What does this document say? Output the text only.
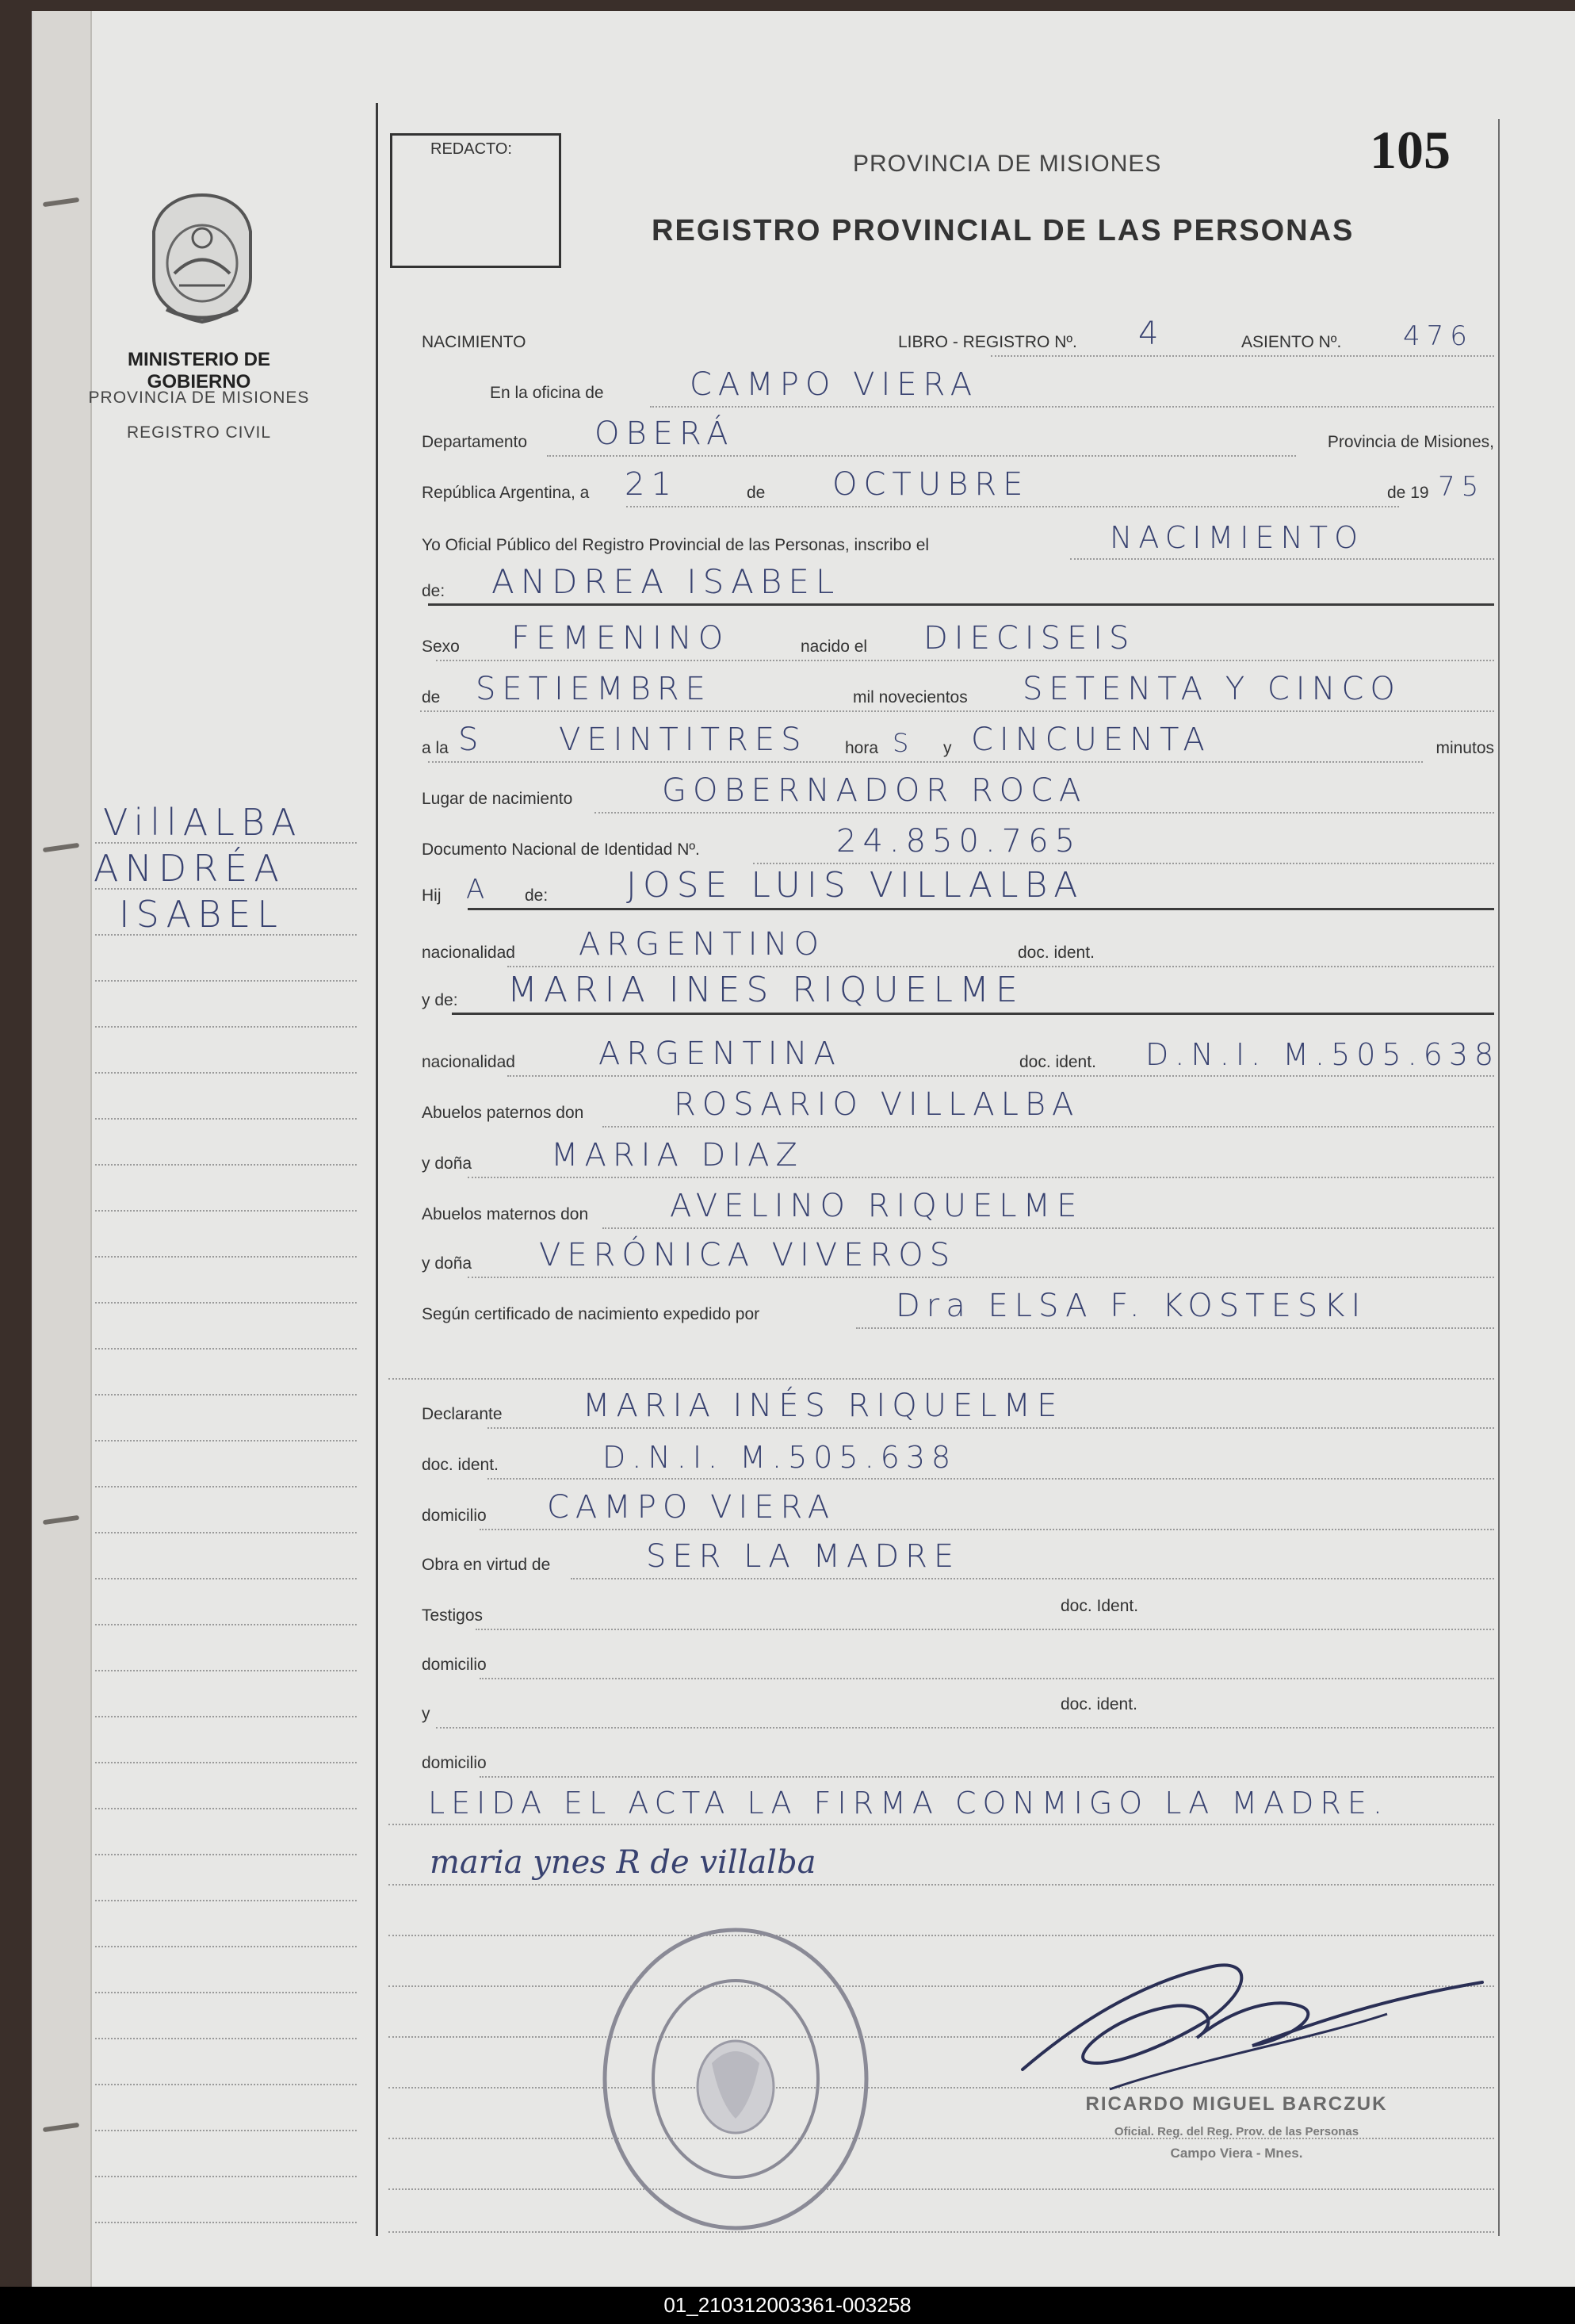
105
REDACTO:
PROVINCIA DE MISIONES
REGISTRO PROVINCIAL DE LAS PERSONAS
MINISTERIO DE GOBIERNO
PROVINCIA DE MISIONES
REGISTRO CIVIL
VillALBA
ANDRÉA
ISABEL
NACIMIENTO	LIBRO - REGISTRO Nº. 4	ASIENTO Nº. 476
En la oficina de	CAMPO VIERA
Departamento OBERÁ	Provincia de Misiones,
República Argentina, a 21	de OCTUBRE	de 19 75
Yo Oficial Público del Registro Provincial de las Personas, inscribo el	NACIMIENTO
de: ANDREA ISABEL
Sexo FEMENINO	nacido el DIECISEIS
de SETIEMBRE	mil novecientos SETENTA Y CINCO
a la S VEINTITRES hora S y CINCUENTA	minutos
Lugar de nacimiento	GOBERNADOR ROCA
Documento Nacional de Identidad Nº.	24.850.765
Hij A de: JOSE LUIS VILLALBA
nacionalidad ARGENTINO	doc. ident.
y de: MARIA INES RIQUELME
nacionalidad	ARGENTINA	doc. ident. D.N.I. M.505.638
Abuelos paternos don	ROSARIO VILLALBA
y doña MARIA DIAZ
Abuelos maternos don	AVELINO RIQUELME
y doña VERÓNICA VIVEROS
Según certificado de nacimiento expedido por	Dra ELSA F. KOSTESKI
Declarante	MARIA INÉS RIQUELME
doc. ident.	D.N.I. M.505.638
domicilio CAMPO VIERA
Obra en virtud de	SER LA MADRE
Testigos
doc. Ident.
domicilio
y
doc. ident.
domicilio
LEIDA EL ACTA LA FIRMA CONMIGO LA MADRE.
maria ynes R de villalba
RICARDO MIGUEL BARCZUK
Oficial. Reg. del Reg. Prov. de las Personas
Campo Viera - Mnes.
01_210312003361-003258
